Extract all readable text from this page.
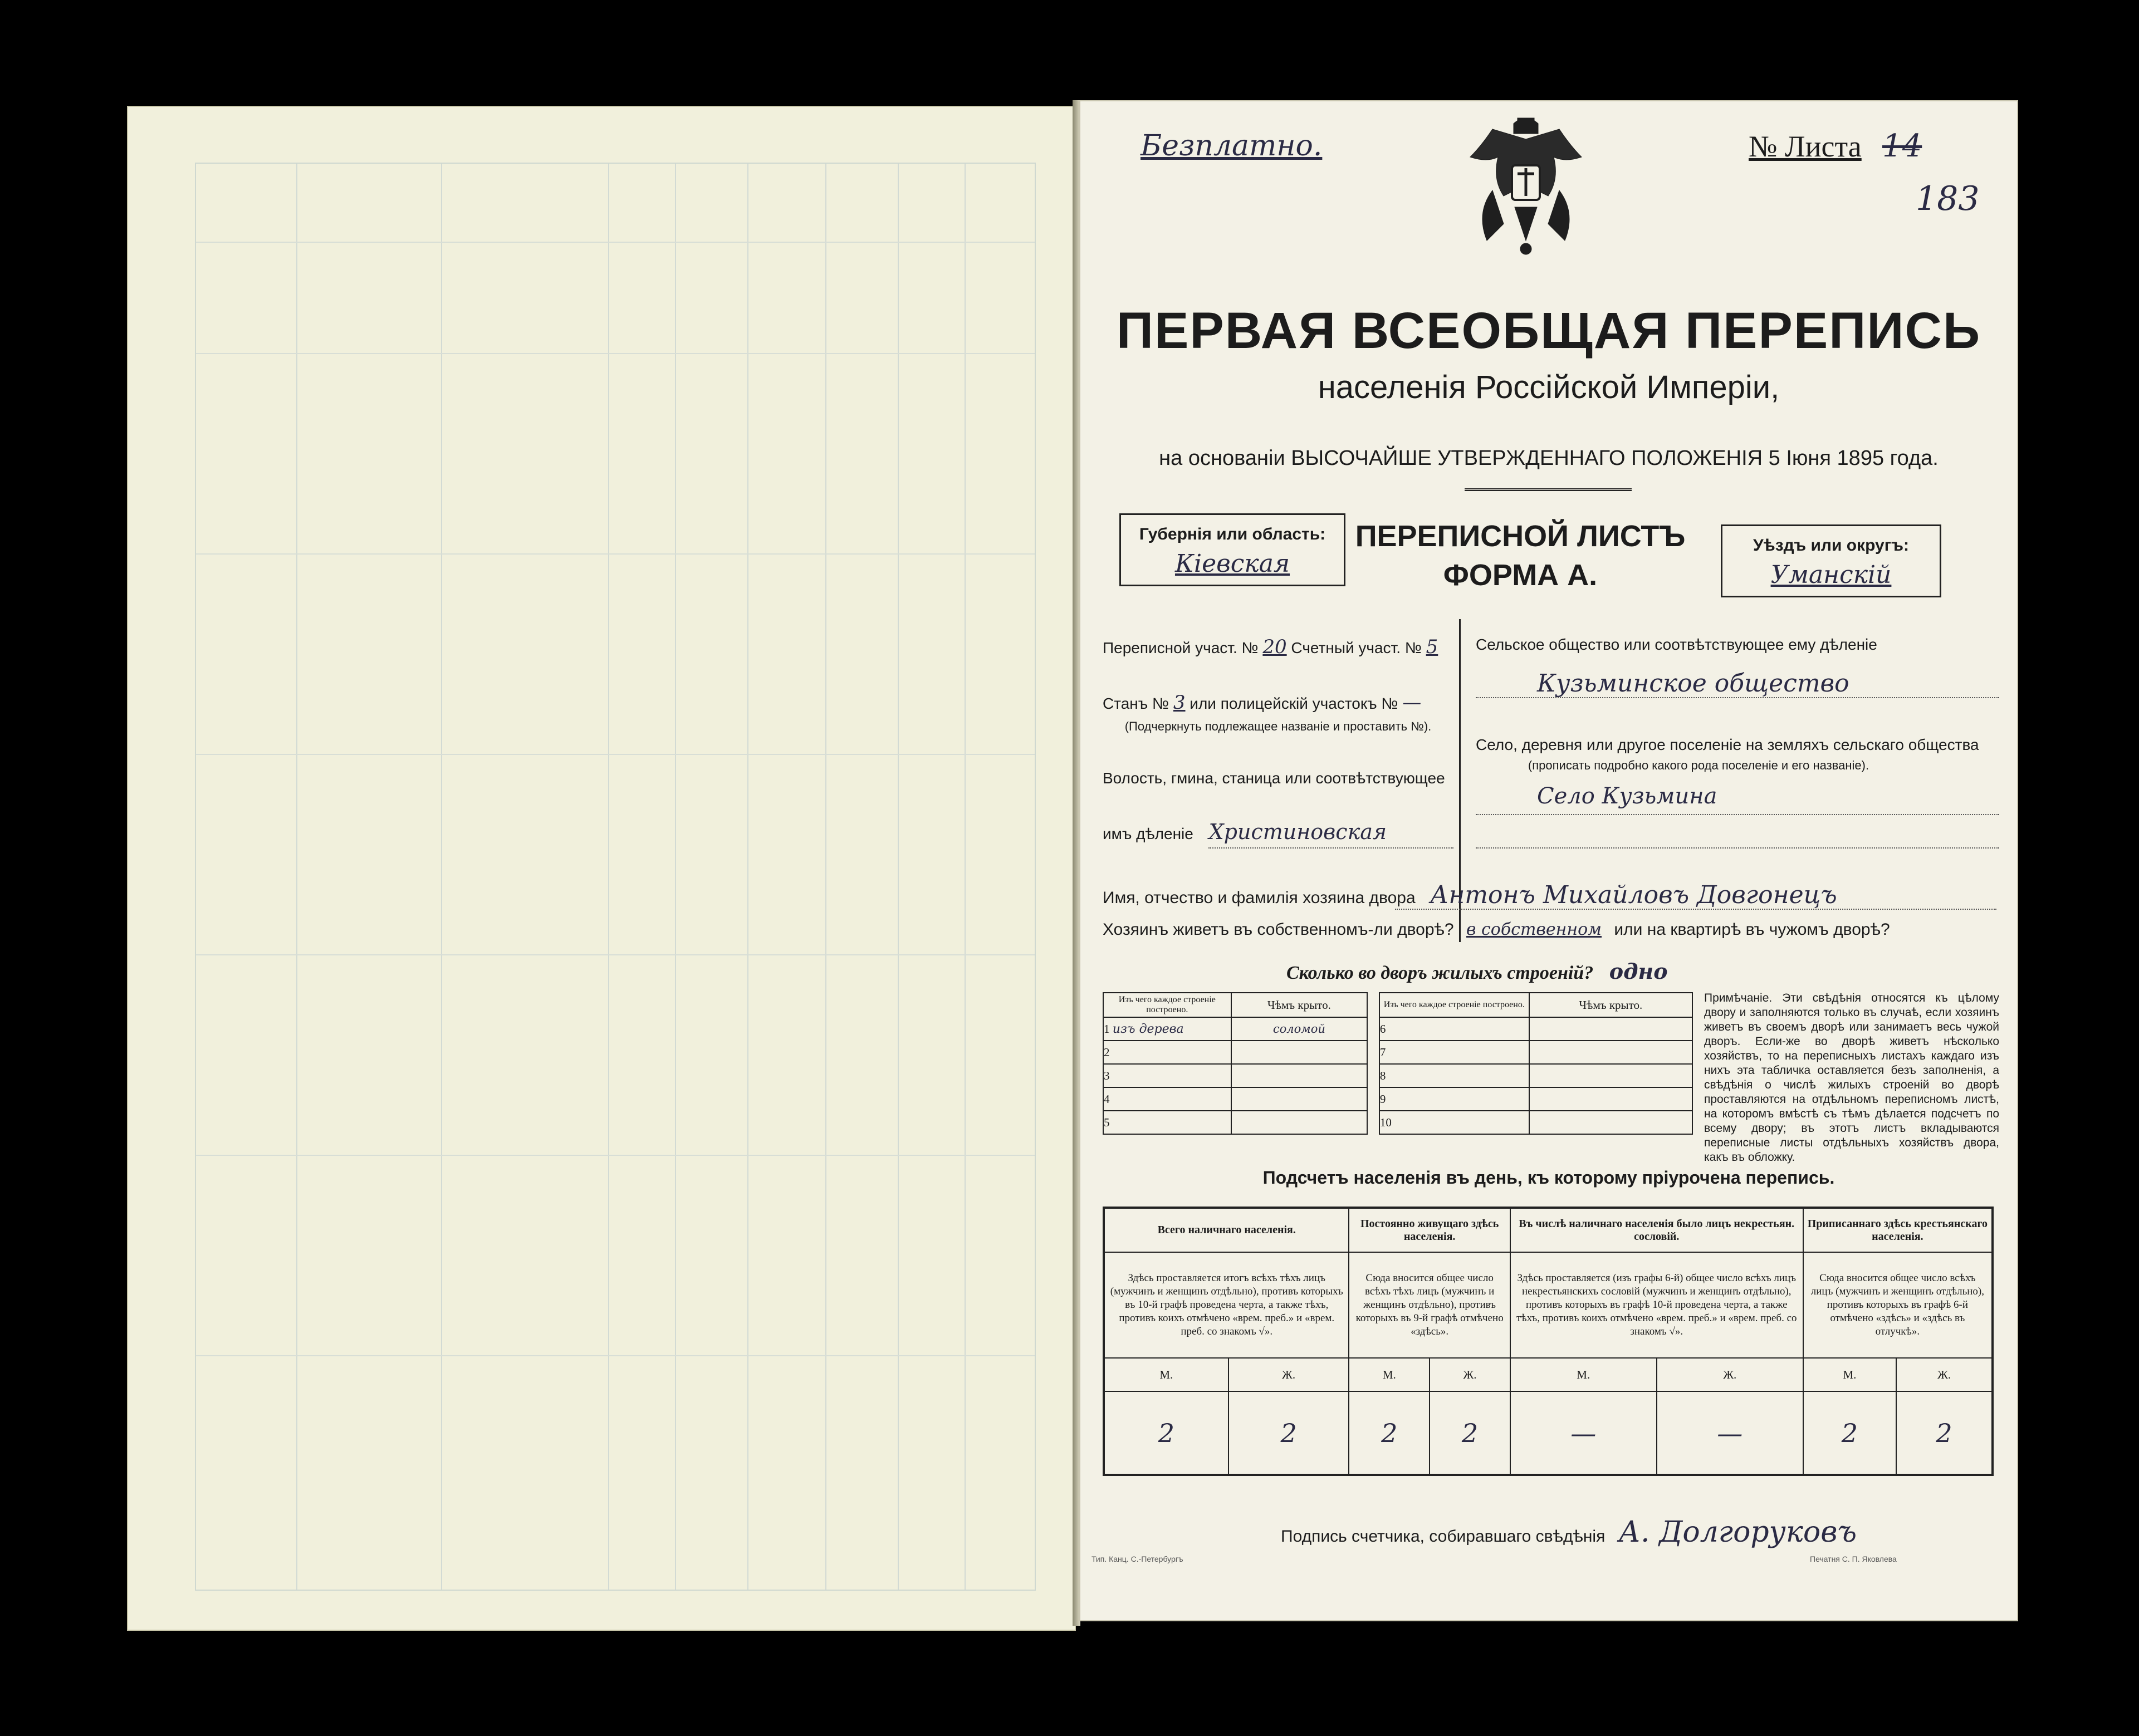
Безплатно.	№ Листа 14
183
ПЕРВАЯ ВСЕОБЩАЯ ПЕРЕПИСЬ
населенія Россійской Имперіи,
на основаніи ВЫСОЧАЙШЕ УТВЕРЖДЕННАГО ПОЛОЖЕНІЯ 5 Іюня 1895 года.
Губернія или область:
Кіевская
ПЕРЕПИСНОЙ ЛИСТЪ
ФОРМА А.
Уѣздъ или округъ:
Уманскій
Переписной участ. № 20 Счетный участ. № 5
Станъ № 3 или полицейскій участокъ № —
(Подчеркнуть подлежащее названіе и проставить №).
Волость, гмина, станица или соотвѣтствующее
имъ дѣленіе Христиновская
Сельское общество или соотвѣтствующее ему дѣленіе
Кузьминское общество
Село, деревня или другое поселеніе на земляхъ сельскаго общества
(прописать подробно какого рода поселеніе и его названіе).
Село Кузьмина
Имя, отчество и фамилія хозяина двора Антонъ Михайловъ Довгонецъ
Хозяинъ живетъ въ собственномъ-ли дворѣ? в собственном или на квартирѣ въ чужомъ дворѣ?
Сколько во дворъ жилыхъ строеній? одно
Изъ чего каждое строеніе построено.	Чѣмъ крыто.		Изъ чего каждое строеніе построено.	Чѣмъ крыто.
1 изъ дерева	соломой		6	
2			7	
3			8	
4			9	
5			10	
Примѣчаніе. Эти свѣдѣнія относятся къ цѣлому двору и заполняются только въ случаѣ, если хозяинъ живетъ въ своемъ дворѣ или занимаетъ весь чужой дворъ. Если-же во дворѣ живетъ нѣсколько хозяйствъ, то на переписныхъ листахъ каждаго изъ нихъ эта табличка оставляется безъ заполненія, а свѣдѣнія о числѣ жилыхъ строеній во дворѣ проставляются на отдѣльномъ переписномъ листѣ, на которомъ вмѣстѣ съ тѣмъ дѣлается подсчетъ по всему двору; въ этотъ листъ вкладываются переписные листы отдѣльныхъ хозяйствъ двора, какъ въ обложку.
Подсчетъ населенія въ день, къ которому пріурочена перепись.
Всего наличнаго населенія.		Постоянно живущаго здѣсь населенія.		Въ числѣ наличнаго населенія было лицъ некрестьян. сословій.		Приписаннаго здѣсь крестьянскаго населенія.	
Здѣсь проставляется итогъ всѣхъ тѣхъ лицъ (мужчинъ и женщинъ отдѣльно), противъ которыхъ въ 10-й графѣ проведена черта, а также тѣхъ, противъ коихъ отмѣчено «врем. преб.» и «врем. преб. со знакомъ √».		Сюда вносится общее число всѣхъ тѣхъ лицъ (мужчинъ и женщинъ отдѣльно), противъ которыхъ въ 9-й графѣ отмѣчено «здѣсь».		Здѣсь проставляется (изъ графы 6-й) общее число всѣхъ лицъ некрестьянскихъ сословій (мужчинъ и женщинъ отдѣльно), противъ которыхъ въ графѣ 10-й проведена черта, а также тѣхъ, противъ коихъ отмѣчено «врем. преб.» и «врем. преб. со знакомъ √».		Сюда вносится общее число всѣхъ лицъ (мужчинъ и женщинъ отдѣльно), противъ которыхъ въ графѣ 6-й отмѣчено «здѣсь» и «здѣсь въ отлучкѣ».	
М.	Ж.	М.	Ж.	М.	Ж.	М.	Ж.
2	2	2	2	—	—	2	2
Подпись счетчика, собиравшаго свѣдѣнія А. Долгоруковъ
Тип. Канц. С.-Петербургъ	Печатня С. П. Яковлева
